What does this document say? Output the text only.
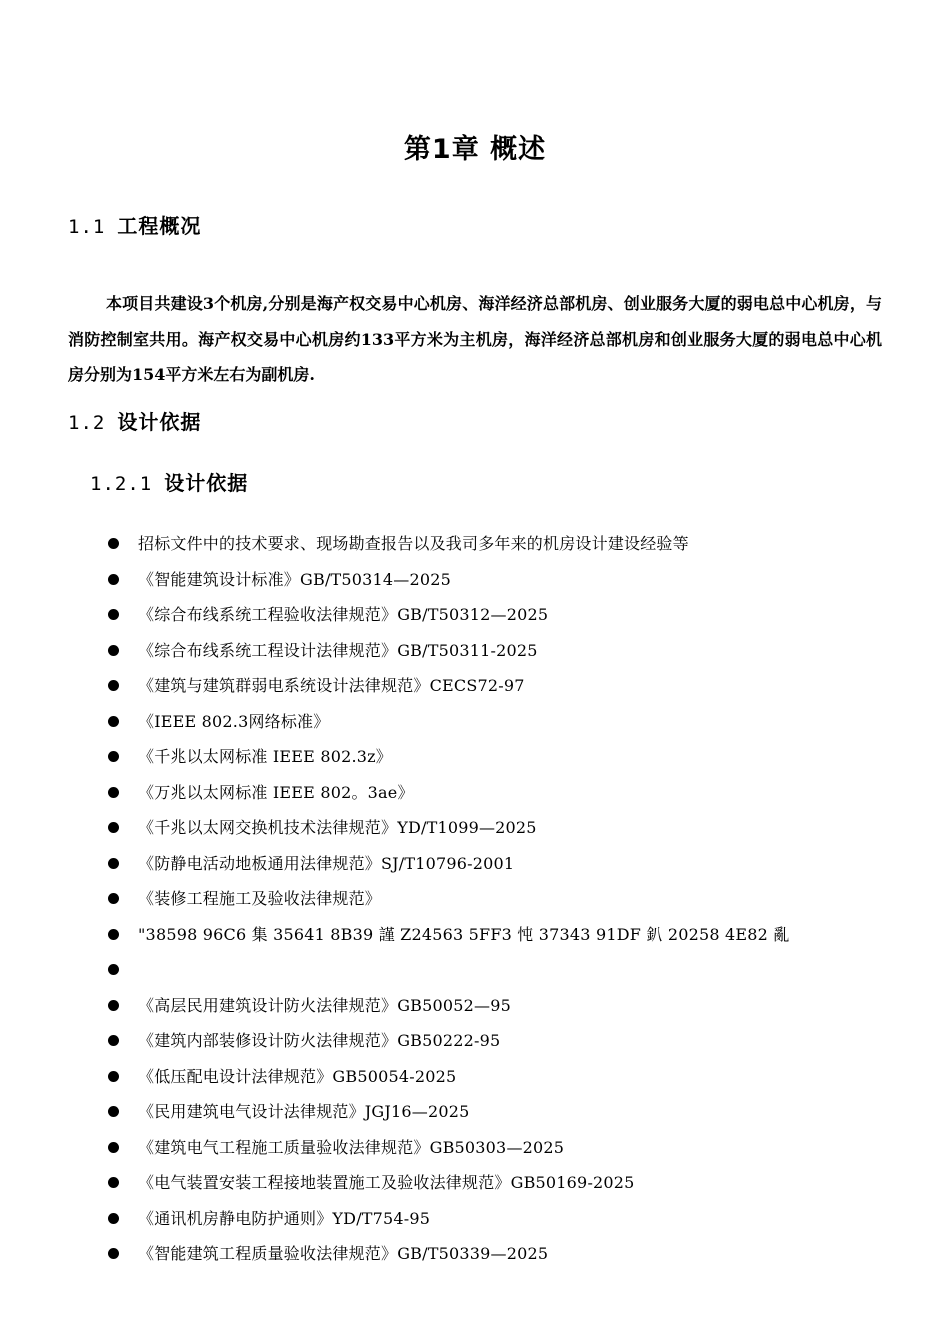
第1章 概述
1.1 工程概况

本项目共建设3个机房,分别是海产权交易中心机房、海洋经济总部机房、创业服务大厦的弱电总中心机房，与消防控制室共用。海产权交易中心机房约133平方米为主机房，海洋经济总部机房和创业服务大厦的弱电总中心机房分别为154平方米左右为副机房.

1.2 设计依据
1.2.1 设计依据
招标文件中的技术要求、现场勘查报告以及我司多年来的机房设计建设经验等
《智能建筑设计标准》GB/T50314—2025
《综合布线系统工程验收法律规范》GB/T50312—2025
《综合布线系统工程设计法律规范》GB/T50311-2025
《建筑与建筑群弱电系统设计法律规范》CECS72-97
《IEEE 802.3网络标准》
《千兆以太网标准 IEEE 802.3z》
《万兆以太网标准 IEEE 802。3ae》
《千兆以太网交换机技术法律规范》YD/T1099—2025
《防静电活动地板通用法律规范》SJ/T10796-2001
《装修工程施工及验收法律规范》
"38598 96C6 集 35641 8B39 謹 Z24563 5FF3 忳 37343 91DF 釟 20258 4E82 亂
《高层民用建筑设计防火法律规范》GB50052—95
《建筑内部装修设计防火法律规范》GB50222-95
《低压配电设计法律规范》GB50054-2025
《民用建筑电气设计法律规范》JGJ16—2025
《建筑电气工程施工质量验收法律规范》GB50303—2025
《电气装置安装工程接地装置施工及验收法律规范》GB50169-2025
《通讯机房静电防护通则》YD/T754-95
《智能建筑工程质量验收法律规范》GB/T50339—2025
